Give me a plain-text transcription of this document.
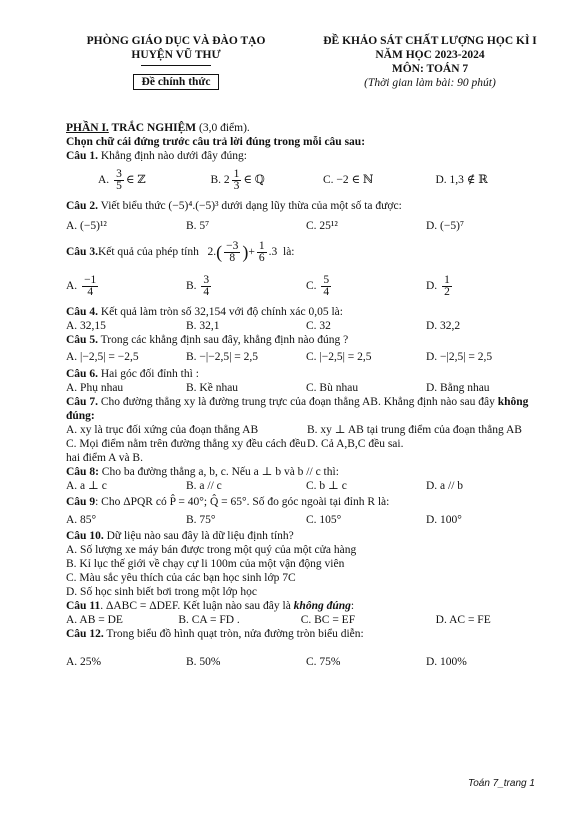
PHÒNG GIÁO DỤC VÀ ĐÀO TẠO
HUYỆN VŨ THƯ
Đề chính thức
ĐỀ KHẢO SÁT CHẤT LƯỢNG HỌC KÌ I
NĂM HỌC 2023-2024
MÔN: TOÁN 7
(Thời gian làm bài: 90 phút)
PHẦN I. TRẮC NGHIỆM (3,0 điểm).
Chọn chữ cái đứng trước câu trả lời đúng trong mỗi câu sau:
Câu 1. Khẳng định nào dưới đây đúng:
A. $\frac{3}{5}$ ∈ ℤ	B. $2 \frac{1}{3}$ ∈ ℚ	C. −2 ∈ ℕ	D. 1,3 ∉ ℝ
Câu 2. Viết biểu thức (−5)⁴.(−5)³ dưới dạng lũy thừa của một số ta được:
A. (−5)¹²	B. 5⁷	C. 25¹²	D. (−5)⁷
Câu 3. Kết quả của phép tính
2. ( $\frac{-3}{8}$ ) + $\frac{1}{6} .3$
là:
A. $\frac{-1}{4}$	B. $\frac{3}{4}$	C. $\frac{5}{4}$	D. $\frac{1}{2}$
Câu 4. Kết quả làm tròn số 32,154 với độ chính xác 0,05 là:
A. 32,15	B. 32,1	C. 32	D. 32,2
Câu 5. Trong các khẳng định sau đây, khẳng định nào đúng ?
A. |−2,5| = −2,5	B. −|−2,5| = 2,5	C. |−2,5| = 2,5	D. −|2,5| = 2,5
Câu 6. Hai góc đối đỉnh thì :
A. Phụ nhau	B. Kề nhau	C. Bù nhau	D. Bằng nhau
Câu 7. Cho đường thẳng xy là đường trung trực của đoạn thẳng AB. Khẳng định nào sau đây không đúng:
A. xy là trục đối xứng của đoạn thẳng AB	B. xy ⊥ AB tại trung điểm của đoạn thẳng AB
C. Mọi điểm nằm trên đường thẳng xy đều cách đều hai điểm A và B.
D. Cả A,B,C đều sai.
Câu 8: Cho ba đường thẳng a, b, c. Nếu a ⊥ b và b // c thì:
A. a ⊥ c	B. a // c	C. b ⊥ c	D. a // b
Câu 9: Cho ΔPQR có P̂ = 40°; Q̂ = 65°. Số đo góc ngoài tại đỉnh R là:
A. 85°	B. 75°	C. 105°	D. 100°
Câu 10. Dữ liệu nào sau đây là dữ liệu định tính?
A. Số lượng xe máy bán được trong một quý của một cửa hàng
B. Kỉ lục thế giới về chạy cự li 100m của một vận động viên
C. Màu sắc yêu thích của các bạn học sinh lớp 7C
D. Số học sinh biết bơi trong một lớp học
Câu 11. ΔABC = ΔDEF. Kết luận nào sau đây là không đúng:
A. AB = DE	B. CA = FD .	C. BC = EF	D. AC = FE
Câu 12. Trong biểu đồ hình quạt tròn, nửa đường tròn biểu diễn:
A. 25%	B. 50%	C. 75%	D. 100%
Toán 7_trang 1
